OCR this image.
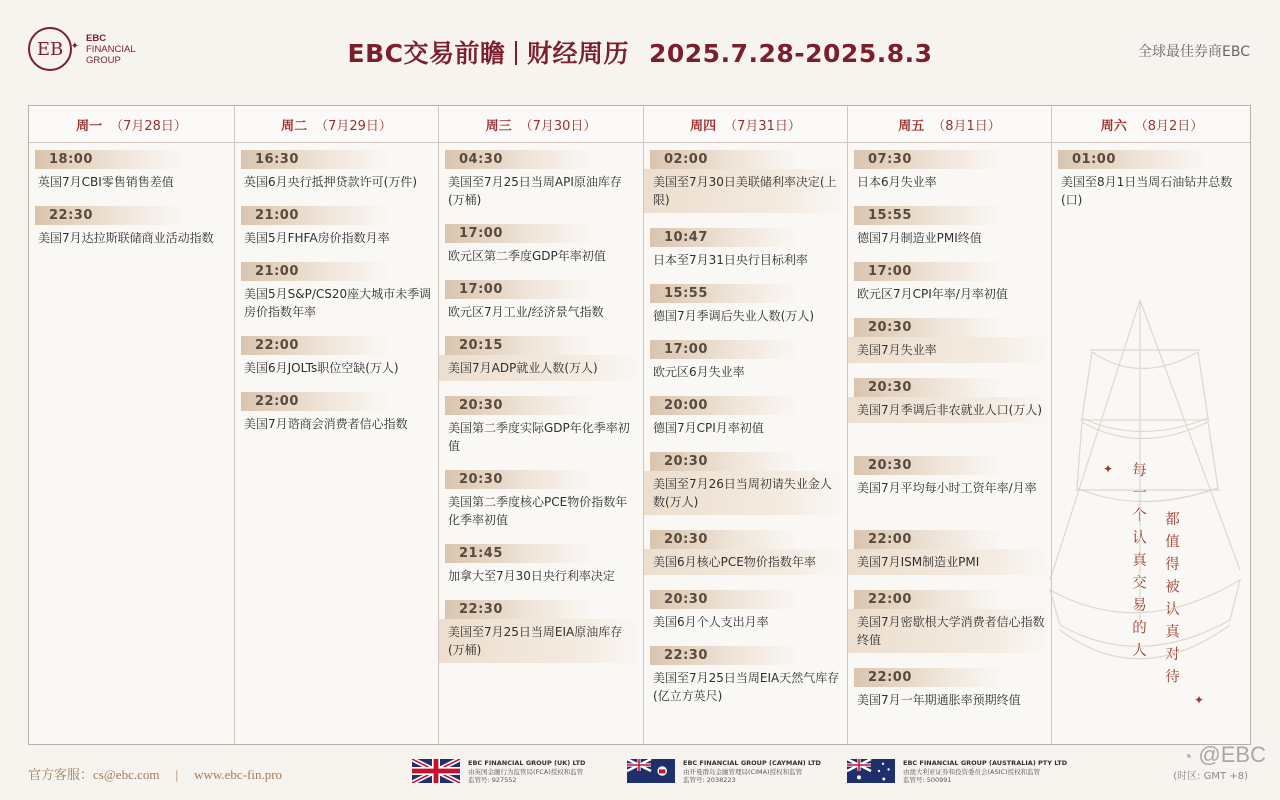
EB ✦
EBC
FINANCIAL
GROUP	EBC交易前瞻 财经周历 2025.7.28-2025.8.3	全球最佳券商EBC
周一 （7月28日）
18:00
英国7月CBI零售销售差值
22:30
美国7月达拉斯联储商业活动指数
周二 （7月29日）
16:30
英国6月央行抵押贷款许可(万件)
21:00
美国5月FHFA房价指数月率
21:00
美国5月S&P/CS20座大城市未季调房价指数年率
22:00
美国6月JOLTs职位空缺(万人)
22:00
美国7月谘商会消费者信心指数
周三 （7月30日）
04:30
美国至7月25日当周API原油库存(万桶)
17:00
欧元区第二季度GDP年率初值
17:00
欧元区7月工业/经济景气指数
20:15
美国7月ADP就业人数(万人)
20:30
美国第二季度实际GDP年化季率初值
20:30
美国第二季度核心PCE物价指数年化季率初值
21:45
加拿大至7月30日央行利率决定
22:30
美国至7月25日当周EIA原油库存(万桶)
周四 （7月31日）
02:00
美国至7月30日美联储利率决定(上限)
10:47
日本至7月31日央行目标利率
15:55
德国7月季调后失业人数(万人)
17:00
欧元区6月失业率
20:00
德国7月CPI月率初值
20:30
美国至7月26日当周初请失业金人数(万人)
20:30
美国6月核心PCE物价指数年率
20:30
美国6月个人支出月率
22:30
美国至7月25日当周EIA天然气库存(亿立方英尺)
周五 （8月1日）
07:30
日本6月失业率
15:55
德国7月制造业PMI终值
17:00
欧元区7月CPI年率/月率初值
20:30
美国7月失业率
20:30
美国7月季调后非农就业人口(万人)
20:30
美国7月平均每小时工资年率/月率
22:00
美国7月ISM制造业PMI
22:00
美国7月密歇根大学消费者信心指数终值
22:00
美国7月一年期通胀率预期终值
周六 （8月2日）
01:00
美国至8月1日当周石油钻井总数(口)
每一个认真交易的人 都值得被认真对待
✦
✦
官方客服：cs@ebc.com | www.ebc-fin.pro
EBC FINANCIAL GROUP (UK) LTD
由英国金融行为监管局(FCA)授权和监管
监管号: 927552
EBC FINANCIAL GROUP (CAYMAN) LTD
由开曼群岛金融管理局(CIMA)授权和监管
监管号: 2038223
EBC FINANCIAL GROUP (AUSTRALIA) PTY LTD
由澳大利亚证券和投资委员会(ASIC)授权和监管
监管号: 500991
◔ @EBC
(时区: GMT +8)
